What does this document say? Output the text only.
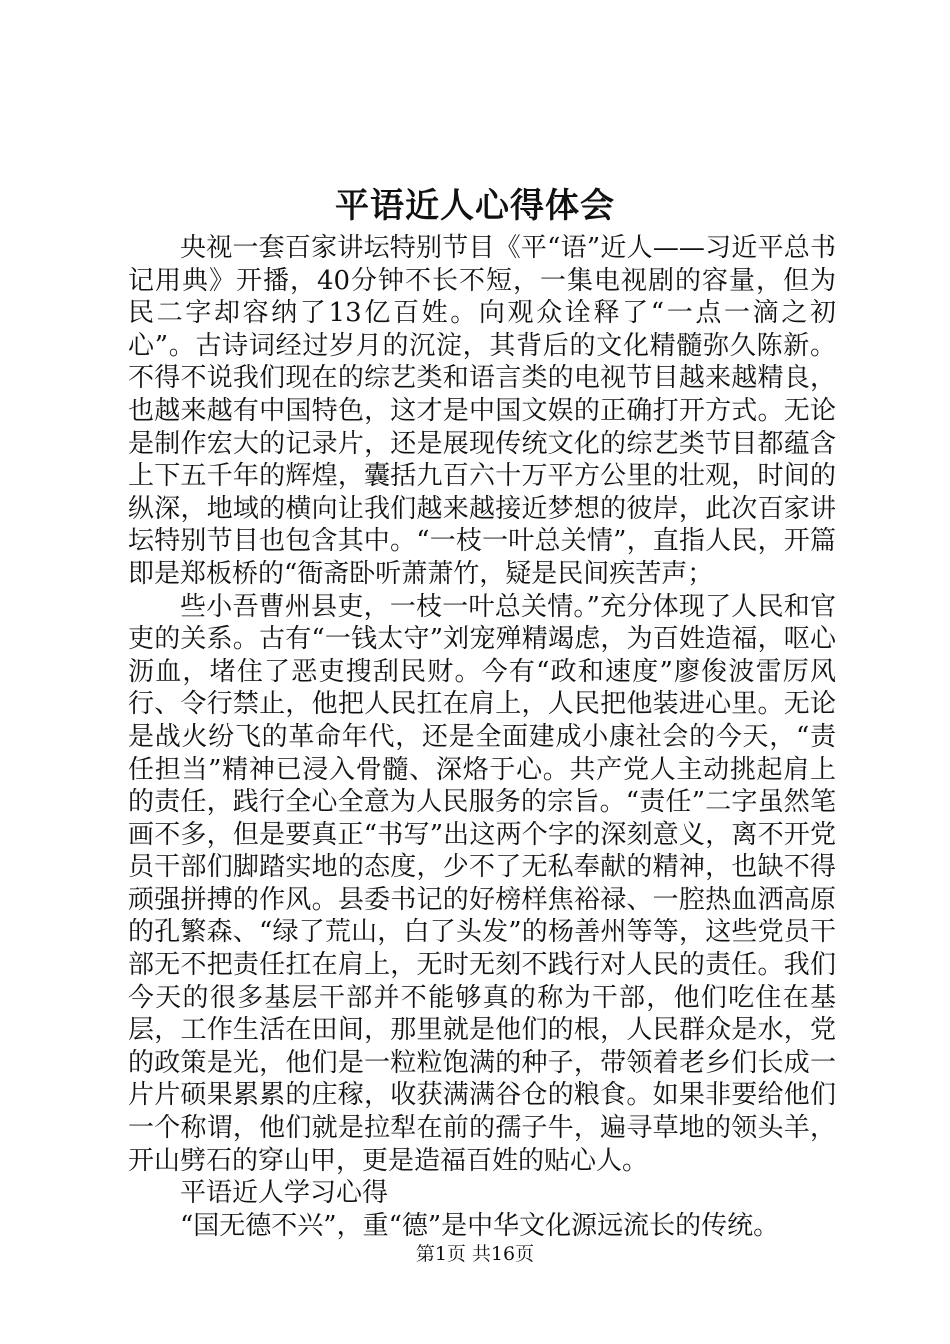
平语近人心得体会

央视一套百家讲坛特别节目《平“语”近人——习近平总书记用典》开播，40分钟不长不短，一集电视剧的容量，但为民二字却容纳了13亿百姓。向观众诠释了“一点一滴之初心”。古诗词经过岁月的沉淀，其背后的文化精髓弥久陈新。不得不说我们现在的综艺类和语言类的电视节目越来越精良，也越来越有中国特色，这才是中国文娱的正确打开方式。无论是制作宏大的记录片，还是展现传统文化的综艺类节目都蕴含上下五千年的辉煌，囊括九百六十万平方公里的壮观，时间的纵深，地域的横向让我们越来越接近梦想的彼岸，此次百家讲坛特别节目也包含其中。“一枝一叶总关情”，直指人民，开篇即是郑板桥的“衙斋卧听萧萧竹，疑是民间疾苦声；

些小吾曹州县吏，一枝一叶总关情。”充分体现了人民和官吏的关系。古有“一钱太守”刘宠殚精竭虑，为百姓造福，呕心沥血，堵住了恶吏搜刮民财。今有“政和速度”廖俊波雷厉风行、令行禁止，他把人民扛在肩上，人民把他装进心里。无论是战火纷飞的革命年代，还是全面建成小康社会的今天，“责任担当”精神已浸入骨髓、深烙于心。共产党人主动挑起肩上的责任，践行全心全意为人民服务的宗旨。“责任”二字虽然笔画不多，但是要真正“书写”出这两个字的深刻意义，离不开党员干部们脚踏实地的态度，少不了无私奉献的精神，也缺不得顽强拼搏的作风。县委书记的好榜样焦裕禄、一腔热血洒高原的孔繁森、“绿了荒山，白了头发”的杨善州等等，这些党员干部无不把责任扛在肩上，无时无刻不践行对人民的责任。我们今天的很多基层干部并不能够真的称为干部，他们吃住在基层，工作生活在田间，那里就是他们的根，人民群众是水，党的政策是光，他们是一粒粒饱满的种子，带领着老乡们长成一片片硕果累累的庄稼，收获满满谷仓的粮食。如果非要给他们一个称谓，他们就是拉犁在前的孺子牛，遍寻草地的领头羊，开山劈石的穿山甲，更是造福百姓的贴心人。

平语近人学习心得

“国无德不兴”，重“德”是中华文化源远流长的传统。

第1页 共16页
